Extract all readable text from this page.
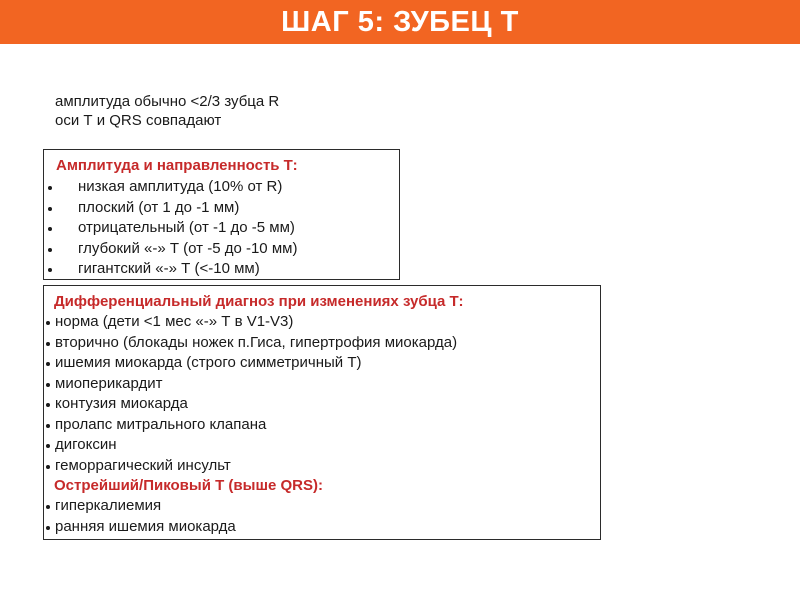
ШАГ 5: ЗУБЕЦ Т
амплитуда обычно <2/3 зубца R
оси Т и QRS совпадают
Амплитуда и направленность Т:
низкая амплитуда (10% от R)
плоский (от 1 до -1 мм)
отрицательный (от -1 до -5 мм)
глубокий «-» Т (от -5 до -10 мм)
гигантский «-» Т (<-10 мм)
Дифференциальный диагноз при изменениях зубца Т:
норма (дети <1 мес «-» Т в V1-V3)
вторично (блокады ножек п.Гиса, гипертрофия миокарда)
ишемия миокарда (строго симметричный Т)
миоперикардит
контузия миокарда
пролапс митрального клапана
дигоксин
геморрагический инсульт
Острейший/Пиковый Т (выше QRS):
гиперкалиемия
ранняя ишемия миокарда
